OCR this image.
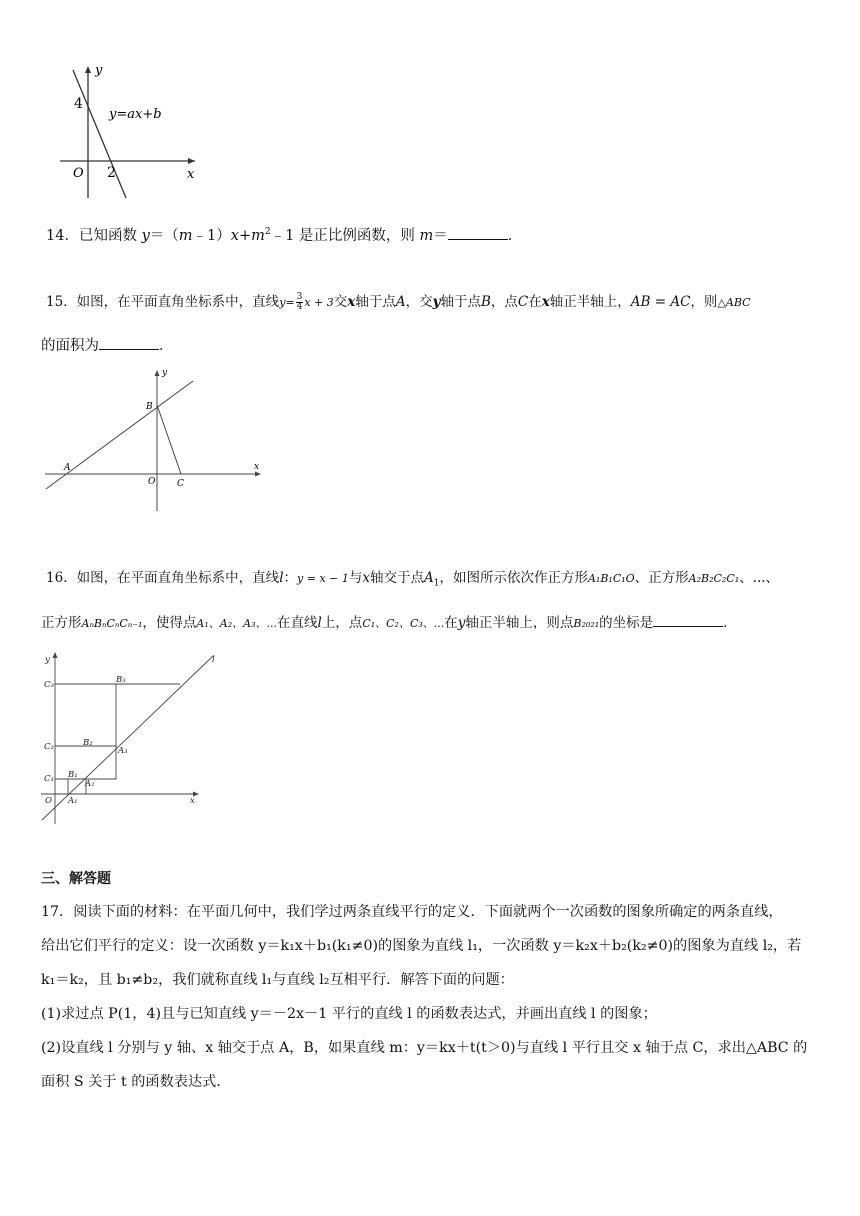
y
x
O
4
2
y=ax+b
14．已知函数 $y=(m﹣1)x+m^2﹣1$ 是正比例函数，则 m＝	．
15．如图，在平面直角坐标系中，直线$y= \frac{3}{4}$ x + 3交x轴于点A，交y轴于点B，点C在x轴正半轴上，AB = AC，则△ABC
的面积为	．
y
x
B
A
O C
16．如图，在平面直角坐标系中，直线l：y = x − 1与x轴交于点$A_1$，如图所示依次作正方形A₁B₁C₁O、正方形A₂B₂C₂C₁、...、
正方形AₙBₙCₙCₙ₋₁，使得点A₁、A₂、A₃、...在直线l上，点C₁、C₂、C₃、...在y轴正半轴上，则点B₂₀₂₁的坐标是	．
y
x
l
O
C₁
C₂
C₃
B₁
B₂
B₃
A₁
A₂
A₃
三、解答题
17．阅读下面的材料：在平面几何中，我们学过两条直线平行的定义．下面就两个一次函数的图象所确定的两条直线，
给出它们平行的定义：设一次函数 y＝k₁x＋b₁(k₁≠0)的图象为直线 l₁，一次函数 y＝k₂x＋b₂(k₂≠0)的图象为直线 l₂，若
k₁＝k₂，且 b₁≠b₂，我们就称直线 l₁与直线 l₂互相平行．解答下面的问题：
(1)求过点 P(1，4)且与已知直线 y＝－2x－1 平行的直线 l 的函数表达式，并画出直线 l 的图象；
(2)设直线 l 分别与 y 轴、x 轴交于点 A，B，如果直线 m：y＝kx＋t(t＞0)与直线 l 平行且交 x 轴于点 C，求出△ABC 的
面积 S 关于 t 的函数表达式．
